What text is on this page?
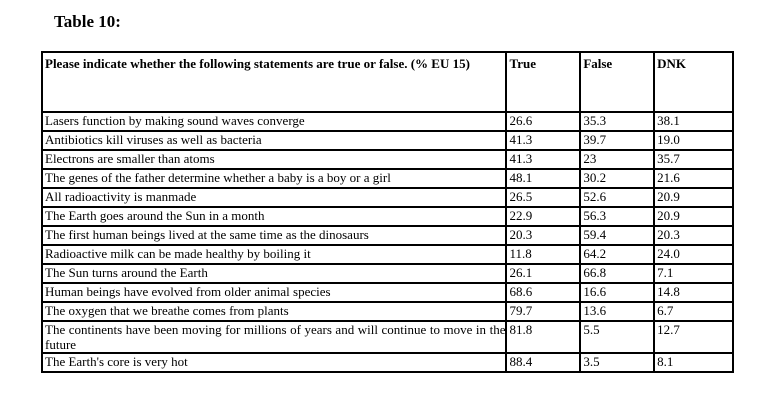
Table 10:
Please indicate whether the following statements are true or false. (% EU 15)	True	False	DNK
Lasers function by making sound waves converge	26.6	35.3	38.1
Antibiotics kill viruses as well as bacteria	41.3	39.7	19.0
Electrons are smaller than atoms	41.3	23	35.7
The genes of the father determine whether a baby is a boy or a girl	48.1	30.2	21.6
All radioactivity is manmade	26.5	52.6	20.9
The Earth goes around the Sun in a month	22.9	56.3	20.9
The first human beings lived at the same time as the dinosaurs	20.3	59.4	20.3
Radioactive milk can be made healthy by boiling it	11.8	64.2	24.0
The Sun turns around the Earth	26.1	66.8	7.1
Human beings have evolved from older animal species	68.6	16.6	14.8
The oxygen that we breathe comes from plants	79.7	13.6	6.7
The continents have been moving for millions of years and will continue to move in the future	81.8	5.5	12.7
The Earth's core is very hot	88.4	3.5	8.1
